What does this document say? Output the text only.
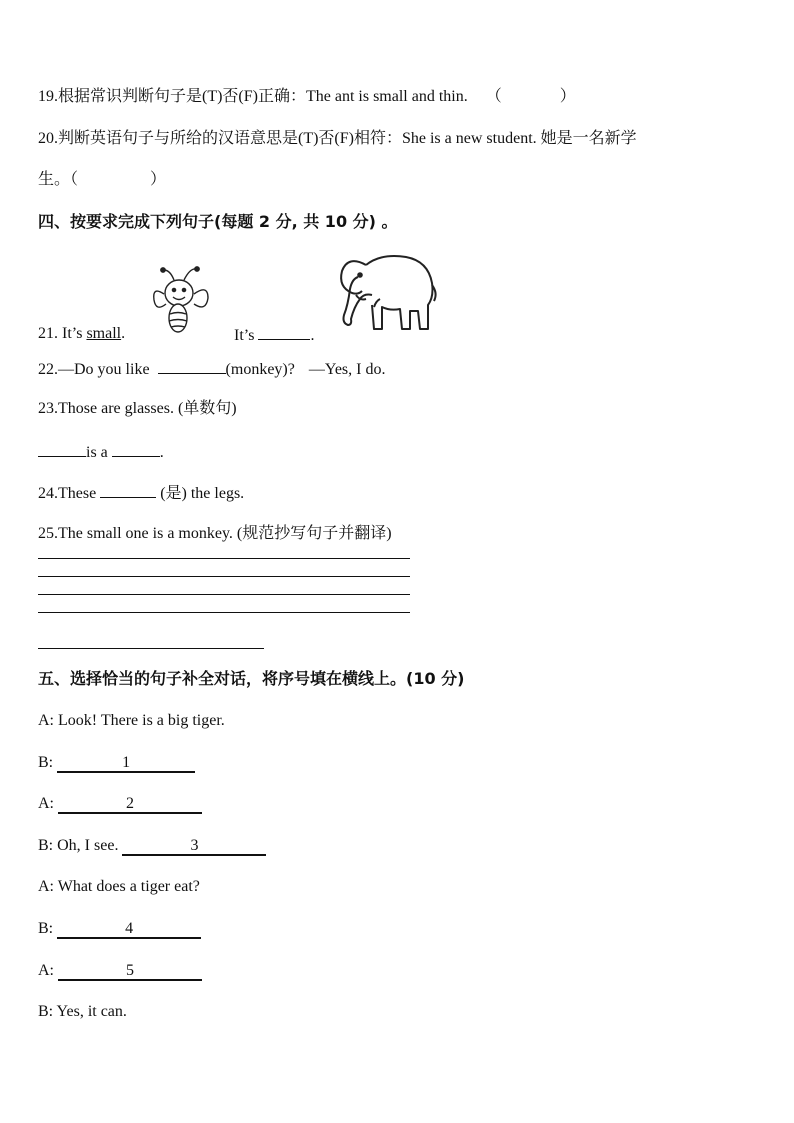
19.根据常识判断句子是(T)否(F)正确：The ant is small and thin. （	）
20.判断英语句子与所给的汉语意思是(T)否(F)相符：She is a new student. 她是一名新学
生。（	）
四、按要求完成下列句子(每题 2 分, 共 10 分) 。
21. It’s small.	It’s	.
22.—Do you like	(monkey)? —Yes, I do.
23.Those are glasses. (单数句)
is a	.
24.These	(是) the legs.
25.The small one is a monkey. (规范抄写句子并翻译)
五、选择恰当的句子补全对话，将序号填在横线上。(10 分)
A: Look! There is a big tiger.
B:	1
A:	2
B: Oh, I see.	3
A: What does a tiger eat?
B:	4
A:	5
B: Yes, it can.
